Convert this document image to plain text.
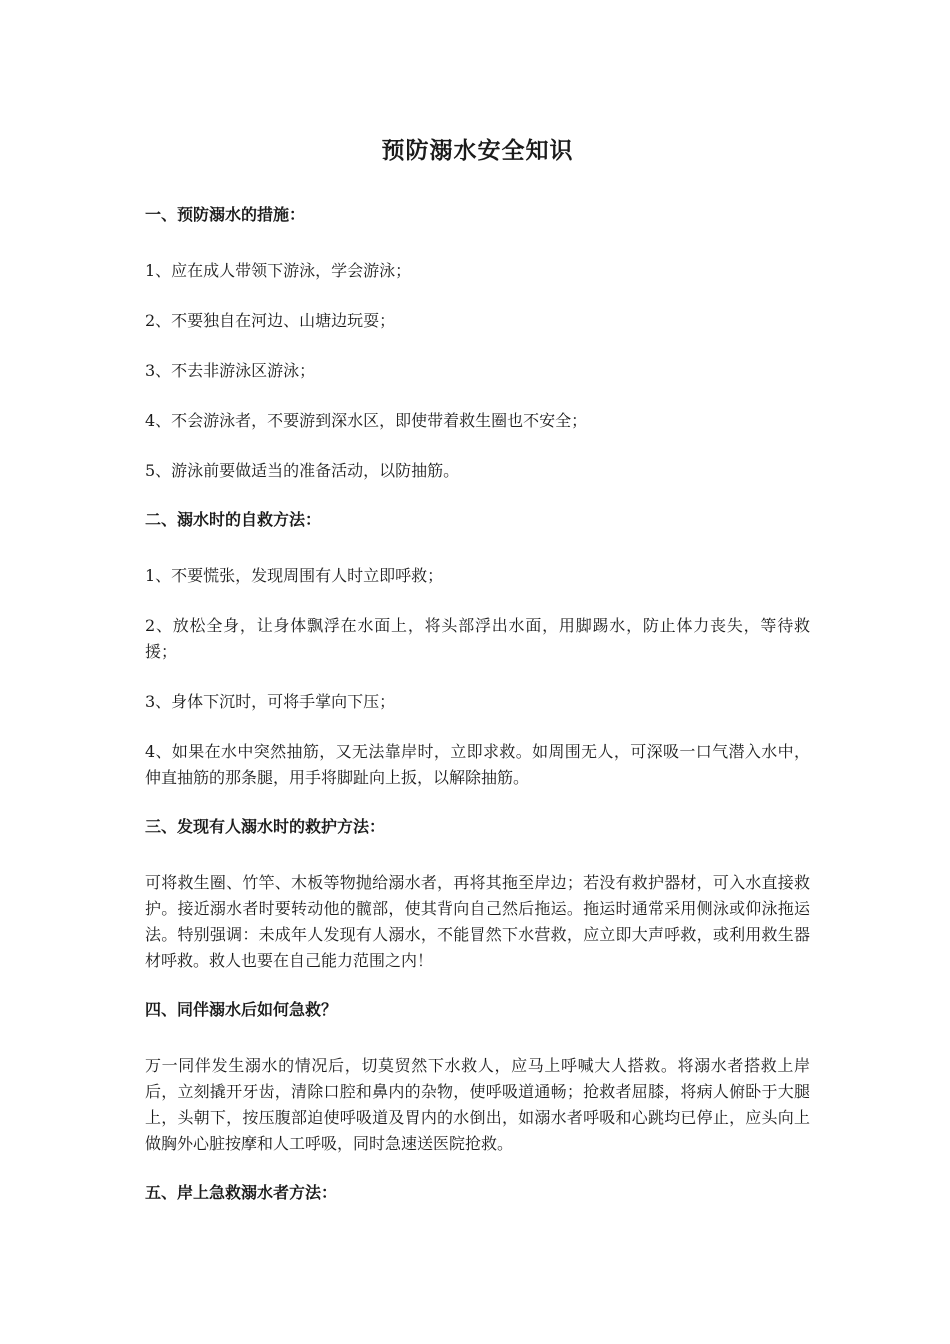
预防溺水安全知识
一、预防溺水的措施：
1、应在成人带领下游泳，学会游泳；
2、不要独自在河边、山塘边玩耍；
3、不去非游泳区游泳；
4、不会游泳者，不要游到深水区，即使带着救生圈也不安全；
5、游泳前要做适当的准备活动，以防抽筋。
二、溺水时的自救方法：
1、不要慌张，发现周围有人时立即呼救；
2、放松全身，让身体飘浮在水面上，将头部浮出水面，用脚踢水，防止体力丧失，等待救援；
3、身体下沉时，可将手掌向下压；
4、如果在水中突然抽筋，又无法靠岸时，立即求救。如周围无人，可深吸一口气潜入水中，伸直抽筋的那条腿，用手将脚趾向上扳，以解除抽筋。
三、发现有人溺水时的救护方法：
可将救生圈、竹竿、木板等物抛给溺水者，再将其拖至岸边；若没有救护器材，可入水直接救护。接近溺水者时要转动他的髋部，使其背向自己然后拖运。拖运时通常采用侧泳或仰泳拖运法。特别强调：未成年人发现有人溺水，不能冒然下水营救，应立即大声呼救，或利用救生器材呼救。救人也要在自己能力范围之内！
四、同伴溺水后如何急救？
万一同伴发生溺水的情况后，切莫贸然下水救人，应马上呼喊大人搭救。将溺水者搭救上岸后，立刻撬开牙齿，清除口腔和鼻内的杂物，使呼吸道通畅；抢救者屈膝，将病人俯卧于大腿上，头朝下，按压腹部迫使呼吸道及胃内的水倒出，如溺水者呼吸和心跳均已停止，应头向上做胸外心脏按摩和人工呼吸，同时急速送医院抢救。
五、岸上急救溺水者方法：
